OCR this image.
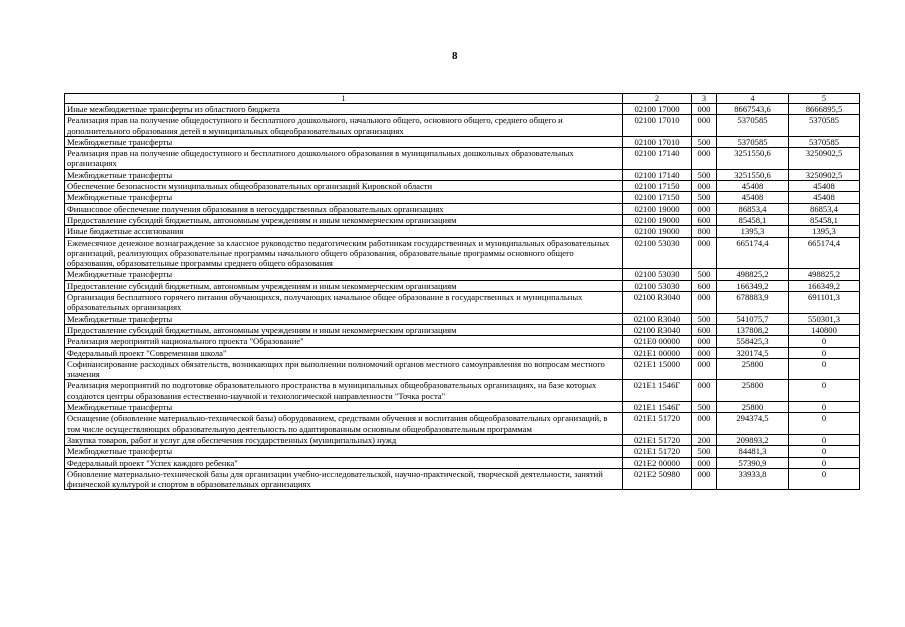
8
1	2	3	4	5
Иные межбюджетные трансферты из областного бюджета	02100 17000	000	8667543,6	8666895,5
Реализация прав на получение общедоступного и бесплатного дошкольного, начального общего, основного общего, среднего общего и дополнительного образования детей в муниципальных общеобразовательных организациях	02100 17010	000	5370585	5370585
Межбюджетные трансферты	02100 17010	500	5370585	5370585
Реализация прав на получение общедоступного и бесплатного дошкольного образования в муниципальных дошкольных образовательных организациях	02100 17140	000	3251550,6	3250902,5
Межбюджетные трансферты	02100 17140	500	3251550,6	3250902,5
Обеспечение безопасности муниципальных общеобразовательных организаций Кировской области	02100 17150	000	45408	45408
Межбюджетные трансферты	02100 17150	500	45408	45408
Финансовое обеспечение получения образования в негосударственных образовательных организациях	02100 19000	000	86853,4	86853,4
Предоставление субсидий бюджетным, автономным учреждениям и иным некоммерческим организациям	02100 19000	600	85458,1	85458,1
Иные бюджетные ассигнования	02100 19000	800	1395,3	1395,3
Ежемесячное денежное вознаграждение за классное руководство педагогическим работникам государственных и муниципальных образовательных организаций, реализующих образовательные программы начального общего образования, образовательные программы основного общего образования, образовательные программы среднего общего образования	02100 53030	000	665174,4	665174,4
Межбюджетные трансферты	02100 53030	500	498825,2	498825,2
Предоставление субсидий бюджетным, автономным учреждениям и иным некоммерческим организациям	02100 53030	600	166349,2	166349,2
Организация бесплатного горячего питания обучающихся, получающих начальное общее образование в государственных и муниципальных образовательных организациях	02100 R3040	000	678883,9	691101,3
Межбюджетные трансферты	02100 R3040	500	541075,7	550301,3
Предоставление субсидий бюджетным, автономным учреждениям и иным некоммерческим организациям	02100 R3040	600	137808,2	140800
Реализация мероприятий национального проекта "Образование"	021E0 00000	000	558425,3	0
Федеральный проект "Современная школа"	021E1 00000	000	320174,5	0
Софинансирование расходных обязательств, возникающих при выполнении полномочий органов местного самоуправления по вопросам местного значения	021E1 15000	000	25800	0
Реализация мероприятий по подготовке образовательного пространства в муниципальных общеобразовательных организациях, на базе которых создаются центры образования естественно-научной и технологической направленности "Точка роста"	021E1 1546Г	000	25800	0
Межбюджетные трансферты	021E1 1546Г	500	25800	0
Оснащение (обновление материально-технической базы) оборудованием, средствами обучения и воспитания общеобразовательных организаций, в том числе осуществляющих образовательную деятельность по адаптированным основным общеобразовательным программам	021E1 51720	000	294374,5	0
Закупка товаров, работ и услуг для обеспечения государственных (муниципальных) нужд	021E1 51720	200	209893,2	0
Межбюджетные трансферты	021E1 51720	500	84481,3	0
Федеральный проект "Успех каждого ребенка"	021E2 00000	000	57390,9	0
Обновление материально-технической базы для организации учебно-исследовательской, научно-практической, творческой деятельности, занятий физической культурой и спортом в образовательных организациях	021E2 50980	000	33933,8	0
